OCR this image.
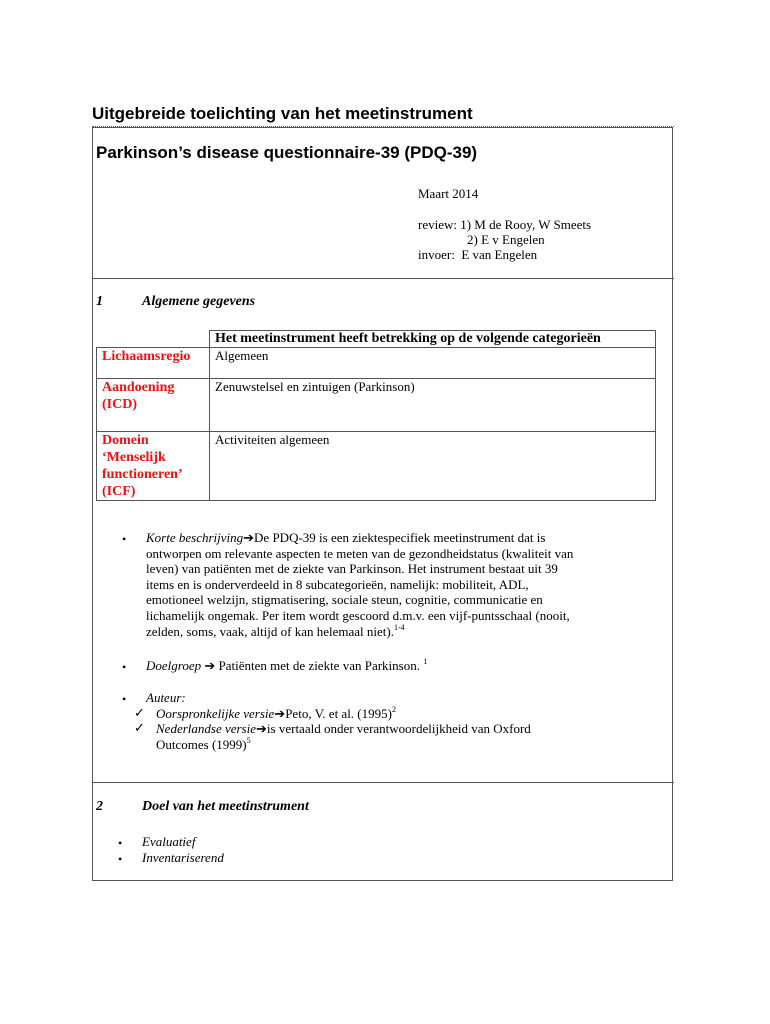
Uitgebreide toelichting van het meetinstrument
Parkinson’s disease questionnaire-39 (PDQ-39)
Maart 2014
review: 1) M de Rooy, W Smeets
2) E v Engelen
invoer:  E van Engelen
1	Algemene gegevens
	Het meetinstrument heeft betrekking op de volgende categorieën

Lichaamsregio	Algemeen

Aandoening
(ICD)	Zenuwstelsel en zintuigen (Parkinson)

Domein
‘Menselijk
functioneren’
(ICF)	Activiteiten algemeen
• Korte beschrijving➔De PDQ-39 is een ziektespecifiek meetinstrument dat is
ontworpen om relevante aspecten te meten van de gezondheidstatus (kwaliteit van
leven) van patiënten met de ziekte van Parkinson. Het instrument bestaat uit 39
items en is onderverdeeld in 8 subcategorieën, namelijk: mobiliteit, ADL,
emotioneel welzijn, stigmatisering, sociale steun, cognitie, communicatie en
lichamelijk ongemak. Per item wordt gescoord d.m.v. een vijf-puntsschaal (nooit,
zelden, soms, vaak, altijd of kan helemaal niet).$^{1-4}$
• Doelgroep ➔ Patiënten met de ziekte van Parkinson. $^1$
• Auteur:
✓ Oorspronkelijke versie➔Peto, V. et al. $(1995)^2$
✓ Nederlandse versie➔is vertaald onder verantwoordelijkheid van Oxford
Outcomes $(1999)^5$
2	Doel van het meetinstrument
• Evaluatief
• Inventariserend
